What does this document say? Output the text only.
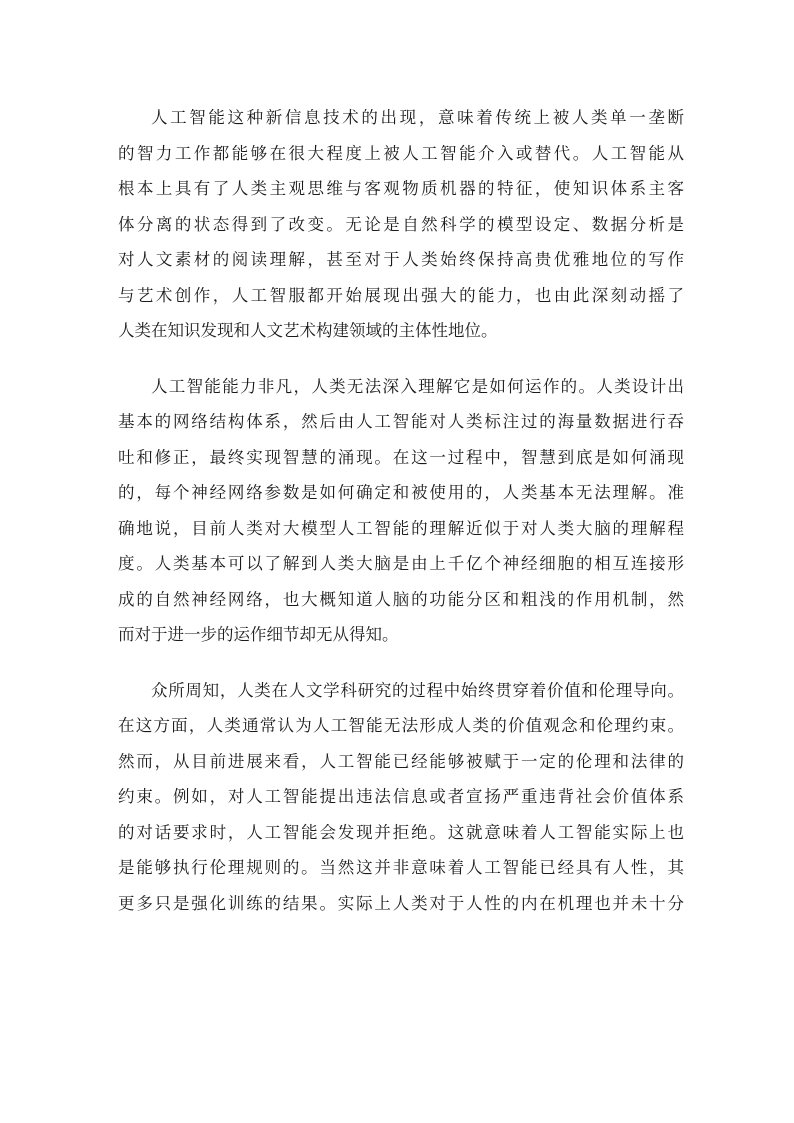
人工智能这种新信息技术的出现，意味着传统上被人类单一垄断
的智力工作都能够在很大程度上被人工智能介入或替代。人工智能从
根本上具有了人类主观思维与客观物质机器的特征，使知识体系主客
体分离的状态得到了改变。无论是自然科学的模型设定、数据分析是
对人文素材的阅读理解，甚至对于人类始终保持高贵优雅地位的写作
与艺术创作，人工智服都开始展现出强大的能力，也由此深刻动摇了
人类在知识发现和人文艺术构建领域的主体性地位。
人工智能能力非凡，人类无法深入理解它是如何运作的。人类设计出
基本的网络结构体系，然后由人工智能对人类标注过的海量数据进行吞
吐和修正，最终实现智慧的涌现。在这一过程中，智慧到底是如何涌现
的，每个神经网络参数是如何确定和被使用的，人类基本无法理解。准
确地说，目前人类对大模型人工智能的理解近似于对人类大脑的理解程
度。人类基本可以了解到人类大脑是由上千亿个神经细胞的相互连接形
成的自然神经网络，也大概知道人脑的功能分区和粗浅的作用机制，然
而对于进一步的运作细节却无从得知。
众所周知，人类在人文学科研究的过程中始终贯穿着价值和伦理导向。
在这方面，人类通常认为人工智能无法形成人类的价值观念和伦理约束。
然而，从目前进展来看，人工智能已经能够被赋于一定的伦理和法律的
约束。例如，对人工智能提出违法信息或者宣扬严重违背社会价值体系
的对话要求时，人工智能会发现并拒绝。这就意味着人工智能实际上也
是能够执行伦理规则的。当然这并非意味着人工智能已经具有人性，其
更多只是强化训练的结果。实际上人类对于人性的内在机理也并未十分
